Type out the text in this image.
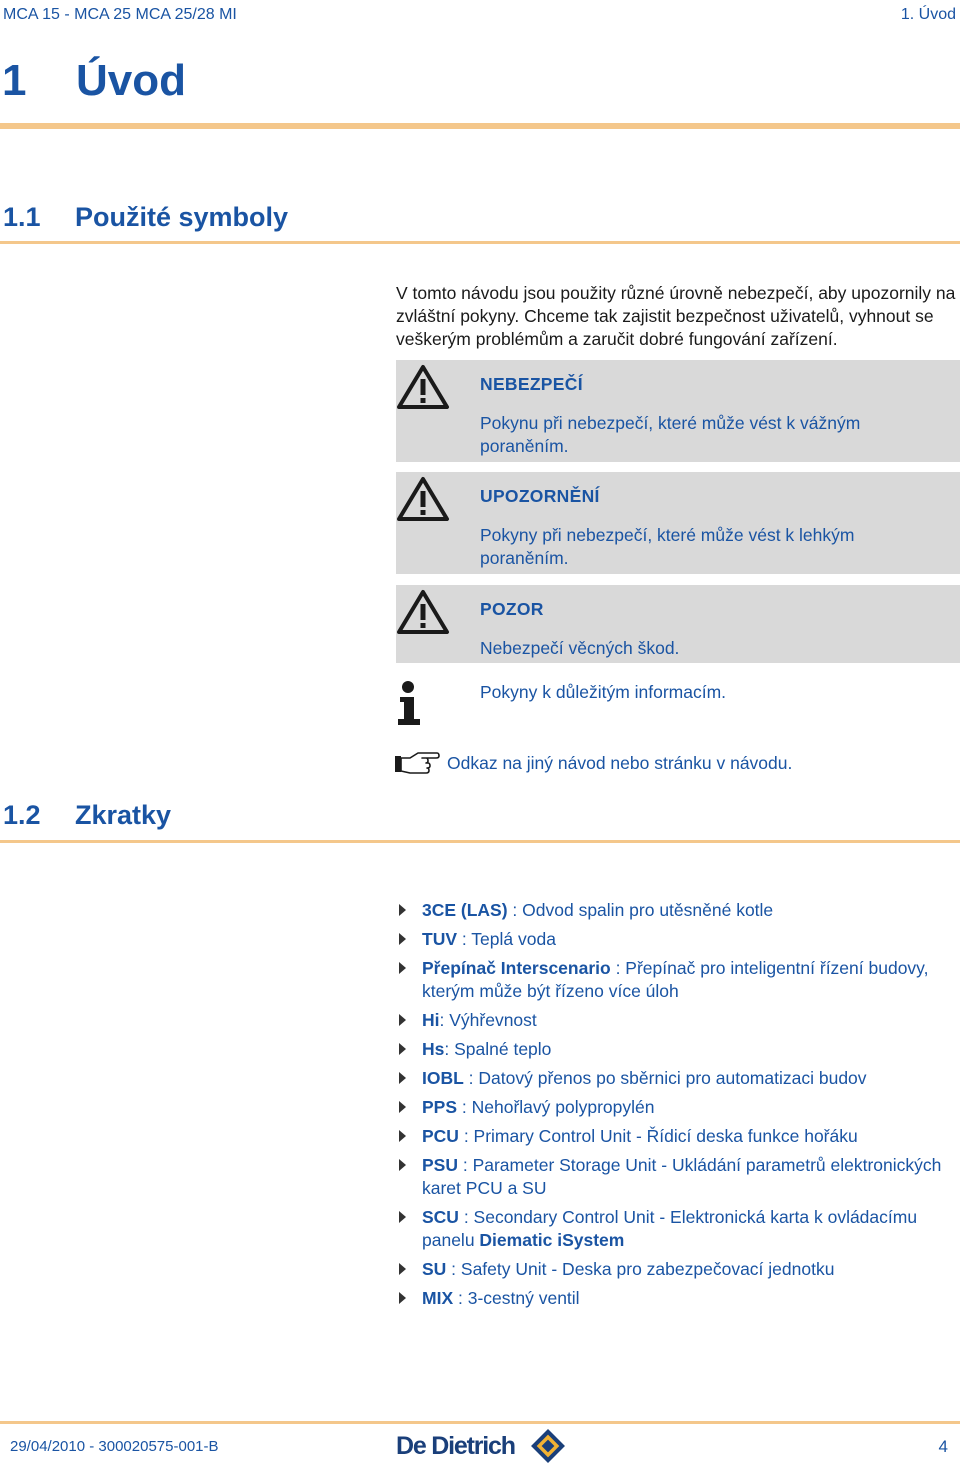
MCA 15 - MCA 25 MCA 25/28 MI	1. Úvod
1 Úvod
1.1 Použité symboly
V tomto návodu jsou použity různé úrovně nebezpečí, aby upozornily na zvláštní pokyny. Chceme tak zajistit bezpečnost uživatelů, vyhnout se veškerým problémům a zaručit dobré fungování zařízení.
NEBEZPEČÍ
Pokynu při nebezpečí, které může vést k vážným poraněním.
UPOZORNĚNÍ
Pokyny při nebezpečí, které může vést k lehkým poraněním.
POZOR
Nebezpečí věcných škod.
Pokyny k důležitým informacím.
Odkaz na jiný návod nebo stránku v návodu.
1.2 Zkratky
3CE (LAS) : Odvod spalin pro utěsněné kotle
TUV : Teplá voda
Přepínač Interscenario : Přepínač pro inteligentní řízení budovy, kterým může být řízeno více úloh
Hi: Výhřevnost
Hs: Spalné teplo
IOBL : Datový přenos po sběrnici pro automatizaci budov
PPS : Nehořlavý polypropylén
PCU : Primary Control Unit - Řídicí deska funkce hořáku
PSU : Parameter Storage Unit - Ukládání parametrů elektronických karet PCU a SU
SCU : Secondary Control Unit - Elektronická karta k ovládacímu panelu Diematic iSystem
SU : Safety Unit - Deska pro zabezpečovací jednotku
MIX : 3-cestný ventil
29/04/2010 - 300020575-001-B	De Dietrich	4
